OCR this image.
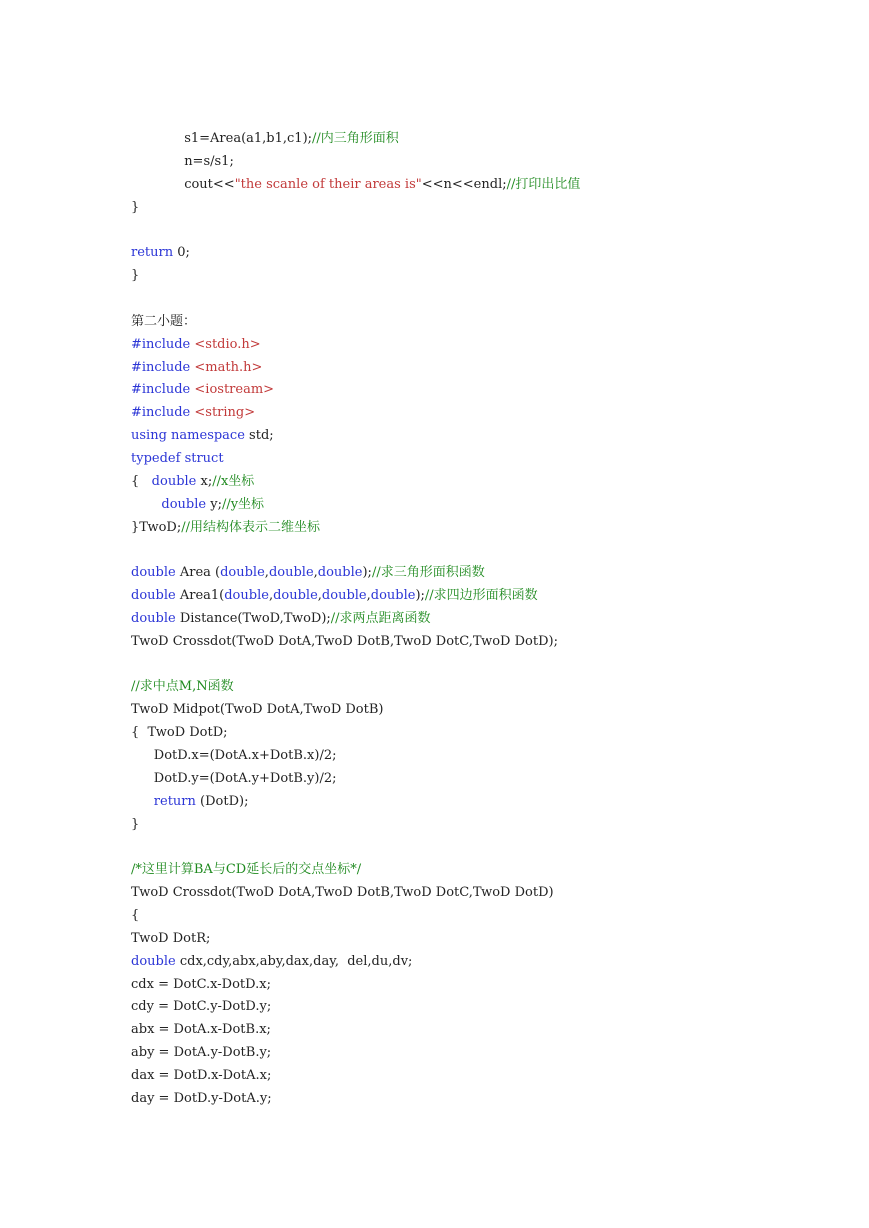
s1=Area(a1,b1,c1);//内三角形面积
n=s/s1;
cout<<"the scanle of their areas is"<<n<<endl;//打印出比值
}
return 0;
}
第二小题：
#include <stdio.h>
#include <math.h>
#include <iostream>
#include <string>
using namespace std;
typedef struct
{   double x;//x坐标
double y;//y坐标
}TwoD;//用结构体表示二维坐标
double Area (double,double,double);//求三角形面积函数
double Area1(double,double,double,double);//求四边形面积函数
double Distance(TwoD,TwoD);//求两点距离函数
TwoD Crossdot(TwoD DotA,TwoD DotB,TwoD DotC,TwoD DotD);
//求中点M,N函数
TwoD Midpot(TwoD DotA,TwoD DotB)
{  TwoD DotD;
DotD.x=(DotA.x+DotB.x)/2;
DotD.y=(DotA.y+DotB.y)/2;
return (DotD);
}
/*这里计算BA与CD延长后的交点坐标*/
TwoD Crossdot(TwoD DotA,TwoD DotB,TwoD DotC,TwoD DotD)
{
TwoD DotR;
double cdx,cdy,abx,aby,dax,day,  del,du,dv;
cdx = DotC.x-DotD.x;
cdy = DotC.y-DotD.y;
abx = DotA.x-DotB.x;
aby = DotA.y-DotB.y;
dax = DotD.x-DotA.x;
day = DotD.y-DotA.y;
